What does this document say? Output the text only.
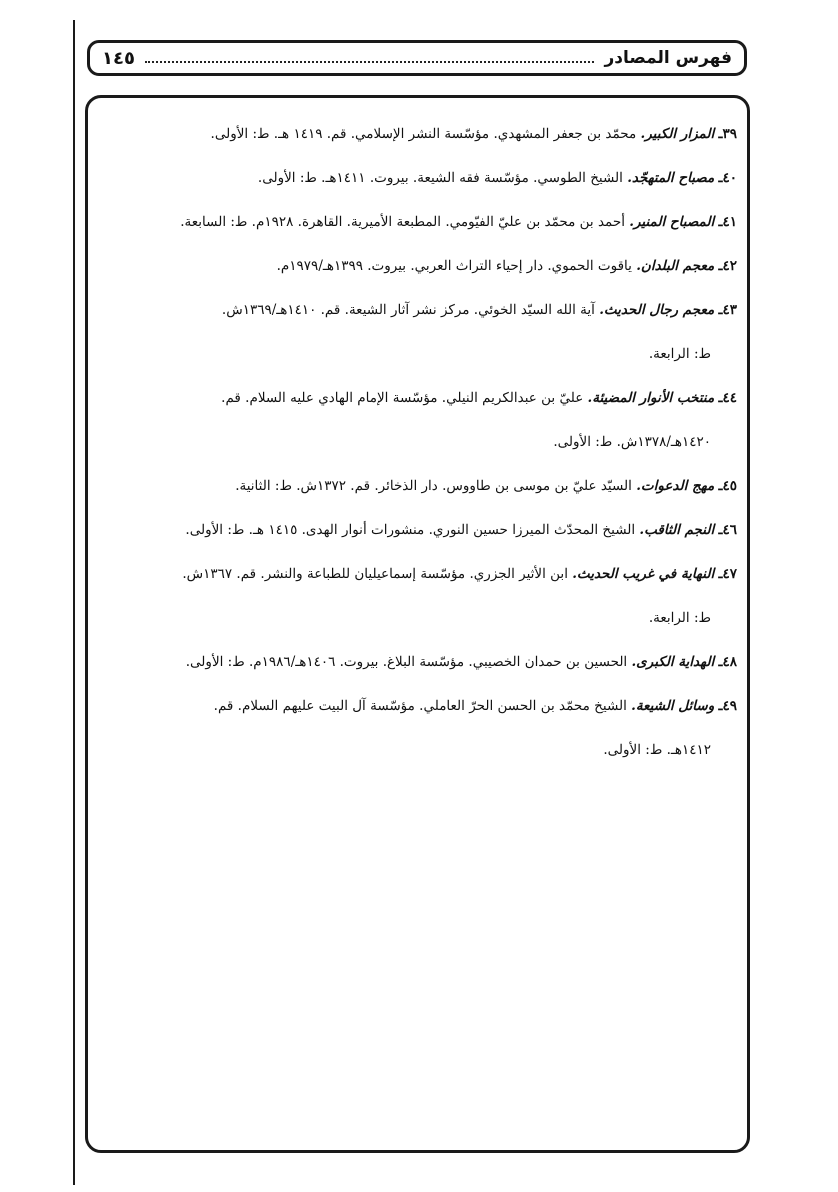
فهرس المصادر
١٤٥
٣٩ـ المزار الكبير. محمّد بن جعفر المشهدي. مؤسّسة النشر الإسلامي. قم. ١٤١٩ هـ. ط: الأولى.
٤٠ـ مصباح المتهجّد. الشيخ الطوسي. مؤسّسة فقه الشيعة. بيروت. ١٤١١هـ. ط: الأولى.
٤١ـ المصباح المنير. أحمد بن محمّد بن عليّ الفيّومي. المطبعة الأميرية. القاهرة. ١٩٢٨م. ط: السابعة.
٤٢ـ معجم البلدان. ياقوت الحموي. دار إحياء التراث العربي. بيروت. ١٣٩٩هـ/١٩٧٩م.
٤٣ـ معجم رجال الحديث. آية الله السيّد الخوئي. مركز نشر آثار الشيعة. قم. ١٤١٠هـ/١٣٦٩ش.
ط: الرابعة.
٤٤ـ منتخب الأنوار المضيئة. عليّ بن عبدالكريم النيلي. مؤسّسة الإمام الهادي عليه السلام. قم.
١٤٢٠هـ/١٣٧٨ش. ط: الأولى.
٤٥ـ مهج الدعوات. السيّد عليّ بن موسى بن طاووس. دار الذخائر. قم. ١٣٧٢ش. ط: الثانية.
٤٦ـ النجم الثاقب. الشيخ المحدّث الميرزا حسين النوري. منشورات أنوار الهدى. ١٤١٥ هـ. ط: الأولى.
٤٧ـ النهاية في غريب الحديث. ابن الأثير الجزري. مؤسّسة إسماعيليان للطباعة والنشر. قم. ١٣٦٧ش.
ط: الرابعة.
٤٨ـ الهداية الكبرى. الحسين بن حمدان الخصيبي. مؤسّسة البلاغ. بيروت. ١٤٠٦هـ/١٩٨٦م. ط: الأولى.
٤٩ـ وسائل الشيعة. الشيخ محمّد بن الحسن الحرّ العاملي. مؤسّسة آل البيت عليهم السلام. قم.
١٤١٢هـ. ط: الأولى.
